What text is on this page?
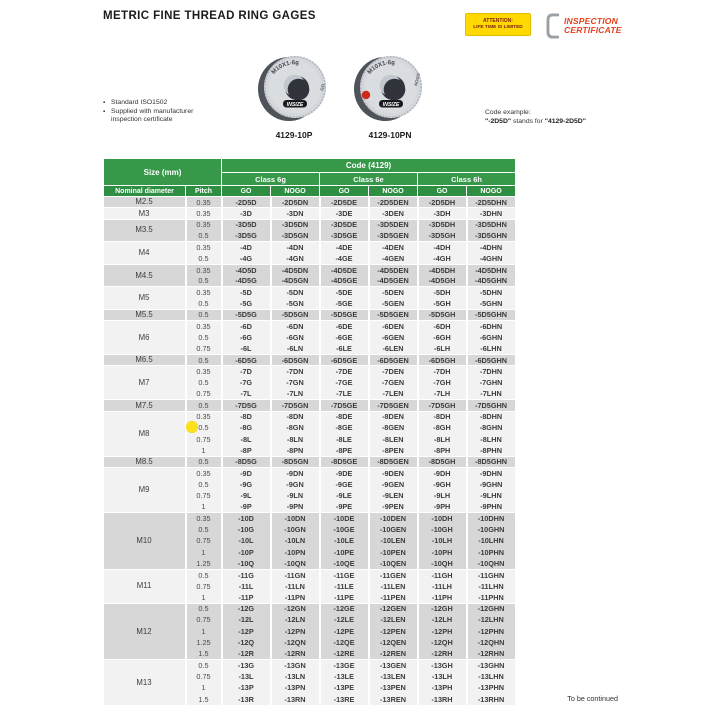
METRIC FINE THREAD RING GAGES	ATTENTION:
LIFE TIME IS LIMITED
INSPECTION
CERTIFICATE
M10X1-6g
GO
INSIZE
4129-10P
M10X1-6g
NOGO
INSIZE
4129-10PN
▪
Standard ISO1502
▪
Supplied with manufacturer inspection certificate
Code example:
"-2D5D" stands for "4129-2D5D"
Size (mm)		Code (4129)					
		Class 6g		Class 6e		Class 6h	
Nominal diameter	Pitch	GO	NOGO	GO	NOGO	GO	NOGO
M2.5	0.35	-2D5D	-2D5DN	-2D5DE	-2D5DEN	-2D5DH	-2D5DHN
M3	0.35	-3D	-3DN	-3DE	-3DEN	-3DH	-3DHN
M3.5	0.35	-3D5D	-3D5DN	-3D5DE	-3D5DEN	-3D5DH	-3D5DHN
	0.5	-3D5G	-3D5GN	-3D5GE	-3D5GEN	-3D5GH	-3D5GHN
M4	0.35	-4D	-4DN	-4DE	-4DEN	-4DH	-4DHN
	0.5	-4G	-4GN	-4GE	-4GEN	-4GH	-4GHN
M4.5	0.35	-4D5D	-4D5DN	-4D5DE	-4D5DEN	-4D5DH	-4D5DHN
	0.5	-4D5G	-4D5GN	-4D5GE	-4D5GEN	-4D5GH	-4D5GHN
M5	0.35	-5D	-5DN	-5DE	-5DEN	-5DH	-5DHN
	0.5	-5G	-5GN	-5GE	-5GEN	-5GH	-5GHN
M5.5	0.5	-5D5G	-5D5GN	-5D5GE	-5D5GEN	-5D5GH	-5D5GHN
M6	0.35	-6D	-6DN	-6DE	-6DEN	-6DH	-6DHN
	0.5	-6G	-6GN	-6GE	-6GEN	-6GH	-6GHN
	0.75	-6L	-6LN	-6LE	-6LEN	-6LH	-6LHN
M6.5	0.5	-6D5G	-6D5GN	-6D5GE	-6D5GEN	-6D5GH	-6D5GHN
M7	0.35	-7D	-7DN	-7DE	-7DEN	-7DH	-7DHN
	0.5	-7G	-7GN	-7GE	-7GEN	-7GH	-7GHN
	0.75	-7L	-7LN	-7LE	-7LEN	-7LH	-7LHN
M7.5	0.5	-7D5G	-7D5GN	-7D5GE	-7D5GEN	-7D5GH	-7D5GHN
M8	0.35	-8D	-8DN	-8DE	-8DEN	-8DH	-8DHN
	0.5	-8G	-8GN	-8GE	-8GEN	-8GH	-8GHN
	0.75	-8L	-8LN	-8LE	-8LEN	-8LH	-8LHN
	1	-8P	-8PN	-8PE	-8PEN	-8PH	-8PHN
M8.5	0.5	-8D5G	-8D5GN	-8D5GE	-8D5GEN	-8D5GH	-8D5GHN
M9	0.35	-9D	-9DN	-9DE	-9DEN	-9DH	-9DHN
	0.5	-9G	-9GN	-9GE	-9GEN	-9GH	-9GHN
	0.75	-9L	-9LN	-9LE	-9LEN	-9LH	-9LHN
	1	-9P	-9PN	-9PE	-9PEN	-9PH	-9PHN
M10	0.35	-10D	-10DN	-10DE	-10DEN	-10DH	-10DHN
	0.5	-10G	-10GN	-10GE	-10GEN	-10GH	-10GHN
	0.75	-10L	-10LN	-10LE	-10LEN	-10LH	-10LHN
	1	-10P	-10PN	-10PE	-10PEN	-10PH	-10PHN
	1.25	-10Q	-10QN	-10QE	-10QEN	-10QH	-10QHN
M11	0.5	-11G	-11GN	-11GE	-11GEN	-11GH	-11GHN
	0.75	-11L	-11LN	-11LE	-11LEN	-11LH	-11LHN
	1	-11P	-11PN	-11PE	-11PEN	-11PH	-11PHN
M12	0.5	-12G	-12GN	-12GE	-12GEN	-12GH	-12GHN
	0.75	-12L	-12LN	-12LE	-12LEN	-12LH	-12LHN
	1	-12P	-12PN	-12PE	-12PEN	-12PH	-12PHN
	1.25	-12Q	-12QN	-12QE	-12QEN	-12QH	-12QHN
	1.5	-12R	-12RN	-12RE	-12REN	-12RH	-12RHN
M13	0.5	-13G	-13GN	-13GE	-13GEN	-13GH	-13GHN
	0.75	-13L	-13LN	-13LE	-13LEN	-13LH	-13LHN
	1	-13P	-13PN	-13PE	-13PEN	-13PH	-13PHN
	1.5	-13R	-13RN	-13RE	-13REN	-13RH	-13RHN	To be continued
